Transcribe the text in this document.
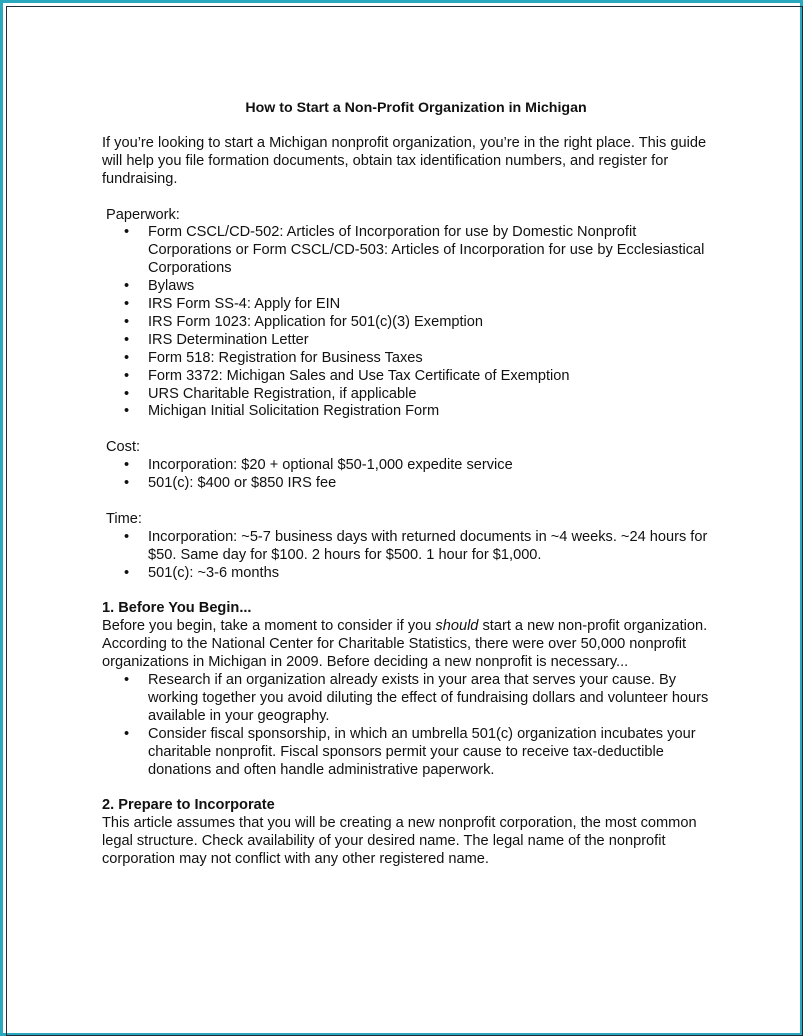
How to Start a Non-Profit Organization in Michigan

If you’re looking to start a Michigan nonprofit organization, you’re in the right place. This guide will help you file formation documents, obtain tax identification numbers, and register for fundraising.

Paperwork:

• Form CSCL/CD-502: Articles of Incorporation for use by Domestic Nonprofit Corporations or Form CSCL/CD-503: Articles of Incorporation for use by Ecclesiastical Corporations
• Bylaws
• IRS Form SS-4: Apply for EIN
• IRS Form 1023: Application for 501(c)(3) Exemption
• IRS Determination Letter
• Form 518: Registration for Business Taxes
• Form 3372: Michigan Sales and Use Tax Certificate of Exemption
• URS Charitable Registration, if applicable
• Michigan Initial Solicitation Registration Form

Cost:

• Incorporation: $20 + optional $50-1,000 expedite service
• 501(c): $400 or $850 IRS fee

Time:

• Incorporation: ~5-7 business days with returned documents in ~4 weeks. ~24 hours for $50. Same day for $100. 2 hours for $500. 1 hour for $1,000.
• 501(c): ~3-6 months

1. Before You Begin...

Before you begin, take a moment to consider if you should start a new non-profit organization. According to the National Center for Charitable Statistics, there were over 50,000 nonprofit organizations in Michigan in 2009. Before deciding a new nonprofit is necessary...

• Research if an organization already exists in your area that serves your cause. By working together you avoid diluting the effect of fundraising dollars and volunteer hours available in your geography.
• Consider fiscal sponsorship, in which an umbrella 501(c) organization incubates your charitable nonprofit. Fiscal sponsors permit your cause to receive tax-deductible donations and often handle administrative paperwork.

2. Prepare to Incorporate

This article assumes that you will be creating a new nonprofit corporation, the most common legal structure. Check availability of your desired name. The legal name of the nonprofit corporation may not conflict with any other registered name.
